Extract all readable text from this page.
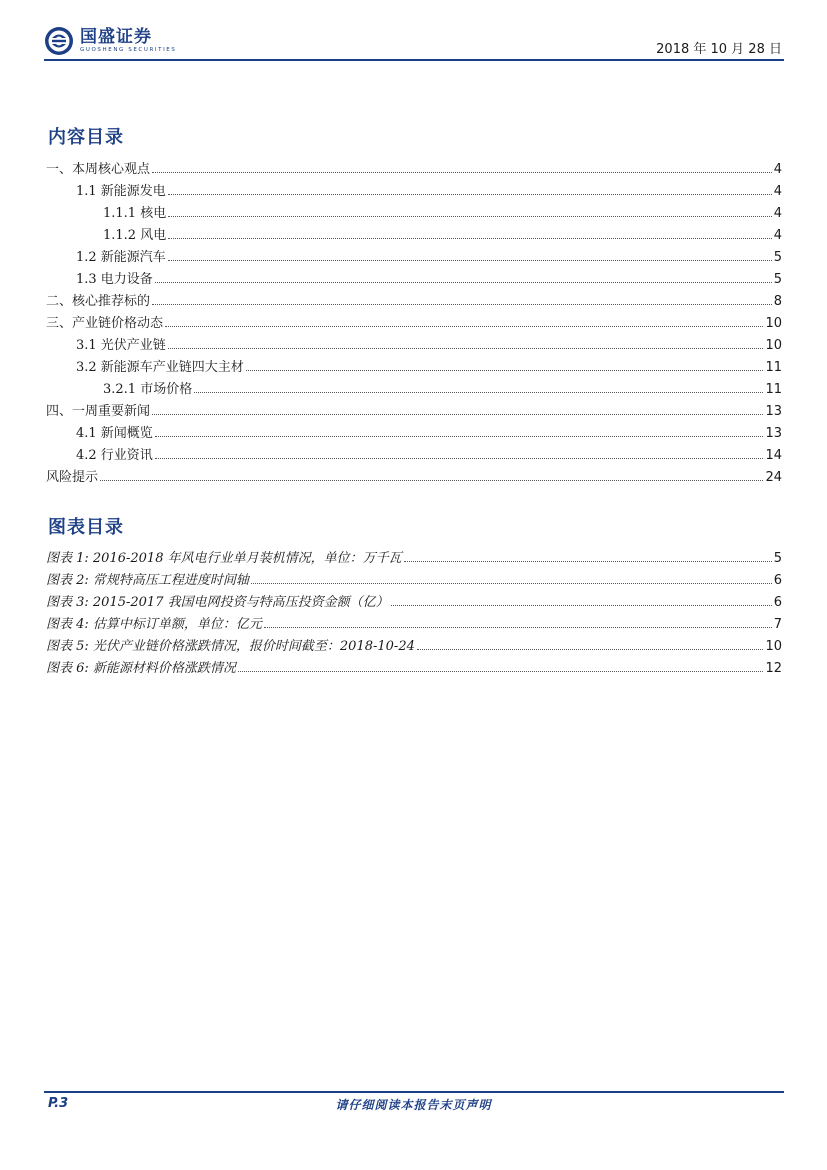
国盛证券
GUOSHENG SECURITIES	2018 年 10 月 28 日
内容目录
一、本周核心观点	4
1.1 新能源发电	4
1.1.1 核电	4
1.1.2 风电	4
1.2 新能源汽车	5
1.3 电力设备	5
二、核心推荐标的	8
三、产业链价格动态	10
3.1 光伏产业链	10
3.2 新能源车产业链四大主材	11
3.2.1 市场价格	11
四、一周重要新闻	13
4.1 新闻概览	13
4.2 行业资讯	14
风险提示	24
图表目录
图表 1: 2016-2018 年风电行业单月装机情况，单位：万千瓦	5
图表 2: 常规特高压工程进度时间轴	6
图表 3: 2015-2017 我国电网投资与特高压投资金额（亿）	6
图表 4: 估算中标订单额，单位：亿元	7
图表 5: 光伏产业链价格涨跌情况，报价时间截至：2018-10-24	10
图表 6: 新能源材料价格涨跌情况	12
P.3	请仔细阅读本报告末页声明
